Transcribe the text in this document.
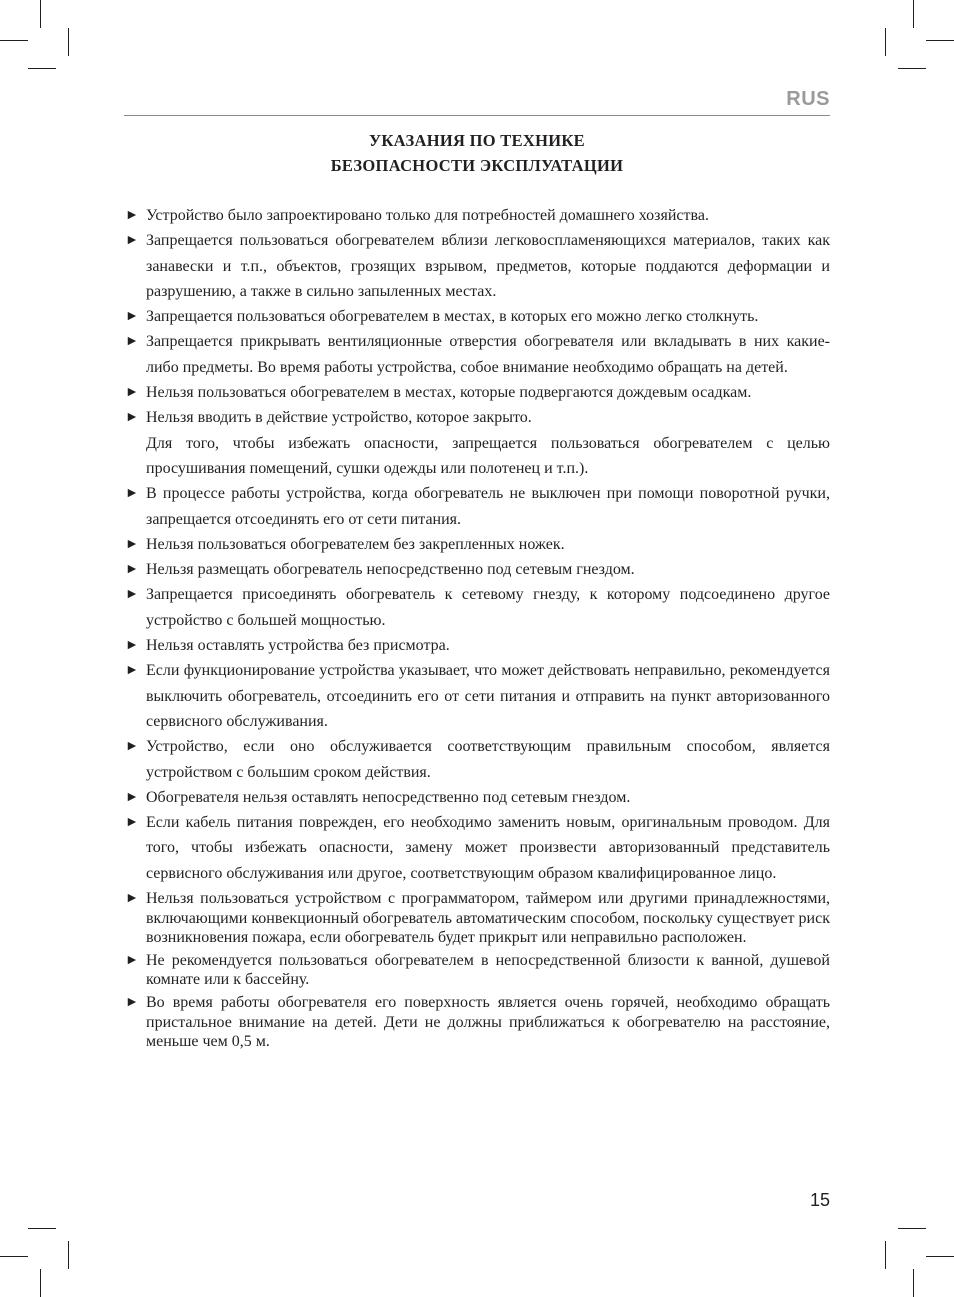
RUS
УКАЗАНИЯ ПО ТЕХНИКЕ
БЕЗОПАСНОСТИ ЭКСПЛУАТАЦИИ
► Устройство было запроектировано только для потребностей домашнего хозяйства.

► Запрещается пользоваться обогревателем вблизи легковоспламеняющихся материалов, таких как занавески и т.п., объектов, грозящих взрывом, предметов, которые поддаются деформации и разрушению, а также в сильно запыленных местах.

► Запрещается пользоваться обогревателем в местах, в которых его можно легко столкнуть.

► Запрещается прикрывать вентиляционные отверстия обогревателя или вкладывать в них какие-либо предметы. Во время работы устройства, собое внимание необходимо обращать на детей.

► Нельзя пользоваться обогревателем в местах, которые подвергаются дождевым осадкам.

► Нельзя вводить в действие устройство, которое закрыто.

Для того, чтобы избежать опасности, запрещается пользоваться обогревателем с целью просушивания помещений, сушки одежды или полотенец и т.п.).

► В процессе работы устройства, когда обогреватель не выключен при помощи поворотной ручки, запрещается отсоединять его от сети питания.

► Нельзя пользоваться обогревателем без закрепленных ножек.

► Нельзя размещать обогреватель непосредственно под сетевым гнездом.

► Запрещается присоединять обогреватель к сетевому гнезду, к которому подсоединено другое устройство с большей мощностью.

► Нельзя оставлять устройства без присмотра.

► Если функционирование устройства указывает, что может действовать неправильно, рекомендуется выключить обогреватель, отсоединить его от сети питания и отправить на пункт авторизованного сервисного обслуживания.

► Устройство, если оно обслуживается соответствующим правильным способом, является устройством с большим сроком действия.

► Обогревателя нельзя оставлять непосредственно под сетевым гнездом.

► Если кабель питания поврежден, его необходимо заменить новым, оригинальным проводом. Для того, чтобы избежать опасности, замену может произвести авторизованный представитель сервисного обслуживания или другое, соответствующим образом квалифицированное лицо.

► Нельзя пользоваться устройством с программатором, таймером или другими принадлежностями, включающими конвекционный обогреватель автоматическим способом, поскольку существует риск возникновения пожара, если обогреватель будет прикрыт или неправильно расположен.

► Не рекомендуется пользоваться обогревателем в непосредственной близости к ванной, душевой комнате или к бассейну.

► Во время работы обогревателя его поверхность является очень горячей, необходимо обращать пристальное внимание на детей. Дети не должны приближаться к обогревателю на расстояние, меньше чем 0,5 м.

15
